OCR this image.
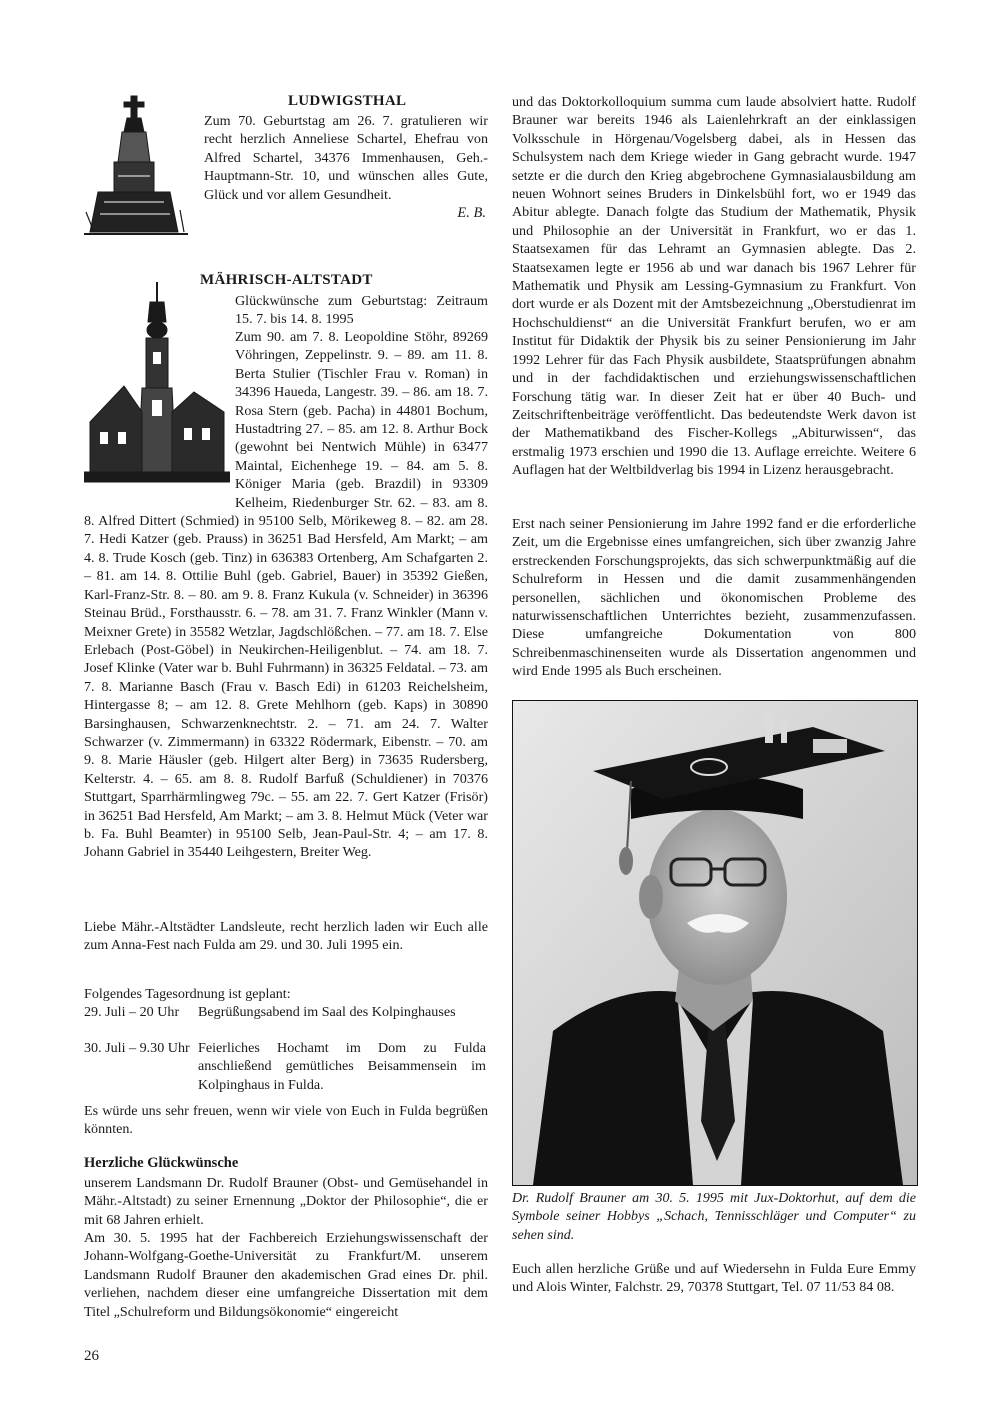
LUDWIGSTHAL

Zum 70. Geburtstag am 26. 7. gratulieren wir recht herzlich Anneliese Schartel, Ehefrau von Alfred Schartel, 34376 Immenhausen, Geh.-Hauptmann-Str. 10, und wünschen alles Gute, Glück und vor allem Gesundheit.

E. B.
MÄHRISCH-ALTSTADT

Glückwünsche zum Geburtstag: Zeitraum 15. 7. bis 14. 8. 1995

Zum 90. am 7. 8. Leopoldine Stöhr, 89269 Vöhringen, Zeppelinstr. 9. – 89. am 11. 8. Berta Stulier (Tischler Frau v. Roman) in 34396 Haueda, Langestr. 39. – 86. am 18. 7. Rosa Stern (geb. Pacha) in 44801 Bochum, Hustadtring 27. – 85. am 12. 8. Arthur Bock (gewohnt bei Nentwich Mühle) in 63477 Maintal, Eichenhege 19. – 84. am 5. 8. Königer Maria (geb. Brazdil) in 93309 Kelheim, Riedenburger Str. 62. – 83. am 8. 8. Alfred Dittert (Schmied) in 95100 Selb, Mörikeweg 8. – 82. am 28. 7. Hedi Katzer (geb. Prauss) in 36251 Bad Hersfeld, Am Markt; – am 4. 8. Trude Kosch (geb. Tinz) in 636383 Ortenberg, Am Schafgarten 2. – 81. am 14. 8. Ottilie Buhl (geb. Gabriel, Bauer) in 35392 Gießen, Karl-Franz-Str. 8. – 80. am 9. 8. Franz Kukula (v. Schneider) in 36396 Steinau Brüd., Forsthausstr. 6. – 78. am 31. 7. Franz Winkler (Mann v. Meixner Grete) in 35582 Wetzlar, Jagdschlößchen. – 77. am 18. 7. Else Erlebach (Post-Göbel) in Neukirchen-Heiligenblut. – 74. am 18. 7. Josef Klinke (Vater war b. Buhl Fuhrmann) in 36325 Feldatal. – 73. am 7. 8. Marianne Basch (Frau v. Basch Edi) in 61203 Reichelsheim, Hintergasse 8; – am 12. 8. Grete Mehlhorn (geb. Kaps) in 30890 Barsinghausen, Schwarzenknechtstr. 2. – 71. am 24. 7. Walter Schwarzer (v. Zimmermann) in 63322 Rödermark, Eibenstr. – 70. am 9. 8. Marie Häusler (geb. Hilgert alter Berg) in 73635 Rudersberg, Kelterstr. 4. – 65. am 8. 8. Rudolf Barfuß (Schuldiener) in 70376 Stuttgart, Sparrhärmlingweg 79c. – 55. am 22. 7. Gert Katzer (Frisör) in 36251 Bad Hersfeld, Am Markt; – am 3. 8. Helmut Mück (Veter war b. Fa. Buhl Beamter) in 95100 Selb, Jean-Paul-Str. 4; – am 17. 8. Johann Gabriel in 35440 Leihgestern, Breiter Weg.

Liebe Mähr.-Altstädter Landsleute, recht herzlich laden wir Euch alle zum Anna-Fest nach Fulda am 29. und 30. Juli 1995 ein.

Folgendes Tagesordnung ist geplant:

29. Juli – 20 Uhr Begrüßungsabend im Saal des Kolpinghauses
30. Juli – 9.30 Uhr Feierliches Hochamt im Dom zu Fulda anschließend gemütliches Beisammensein im Kolpinghaus in Fulda.

Es würde uns sehr freuen, wenn wir viele von Euch in Fulda begrüßen könnten.

Herzliche Glückwünsche

unserem Landsmann Dr. Rudolf Brauner (Obst- und Gemüsehandel in Mähr.-Altstadt) zu seiner Ernennung „Doktor der Philosophie“, die er mit 68 Jahren erhielt.

Am 30. 5. 1995 hat der Fachbereich Erziehungswissenschaft der Johann-Wolfgang-Goethe-Universität zu Frankfurt/M. unserem Landsmann Rudolf Brauner den akademischen Grad eines Dr. phil. verliehen, nachdem dieser eine umfangreiche Dissertation mit dem Titel „Schulreform und Bildungsökonomie“ eingereicht

26

und das Doktorkolloquium summa cum laude absolviert hatte. Rudolf Brauner war bereits 1946 als Laienlehrkraft an der einklassigen Volksschule in Hörgenau/Vogelsberg dabei, als in Hessen das Schulsystem nach dem Kriege wieder in Gang gebracht wurde. 1947 setzte er die durch den Krieg abgebrochene Gymnasialausbildung am neuen Wohnort seines Bruders in Dinkelsbühl fort, wo er 1949 das Abitur ablegte. Danach folgte das Studium der Mathematik, Physik und Philosophie an der Universität in Frankfurt, wo er das 1. Staatsexamen für das Lehramt an Gymnasien ablegte. Das 2. Staatsexamen legte er 1956 ab und war danach bis 1967 Lehrer für Mathematik und Physik am Lessing-Gymnasium zu Frankfurt. Von dort wurde er als Dozent mit der Amtsbezeichnung „Oberstudienrat im Hochschuldienst“ an die Universität Frankfurt berufen, wo er am Institut für Didaktik der Physik bis zu seiner Pensionierung im Jahr 1992 Lehrer für das Fach Physik ausbildete, Staatsprüfungen abnahm und in der fachdidaktischen und erziehungswissenschaftlichen Forschung tätig war. In dieser Zeit hat er über 40 Buch- und Zeitschriftenbeiträge veröffentlicht. Das bedeutendste Werk davon ist der Mathematikband des Fischer-Kollegs „Abiturwissen“, das erstmalig 1973 erschien und 1990 die 13. Auflage erreichte. Weitere 6 Auflagen hat der Weltbildverlag bis 1994 in Lizenz herausgebracht.

Erst nach seiner Pensionierung im Jahre 1992 fand er die erforderliche Zeit, um die Ergebnisse eines umfangreichen, sich über zwanzig Jahre erstreckenden Forschungsprojekts, das sich schwerpunktmäßig auf die Schulreform in Hessen und die damit zusammenhängenden personellen, sächlichen und ökonomischen Probleme des naturwissenschaftlichen Unterrichtes bezieht, zusammenzufassen. Diese umfangreiche Dokumentation von 800 Schreibenmaschinenseiten wurde als Dissertation angenommen und wird Ende 1995 als Buch erscheinen.

Dr. Rudolf Brauner am 30. 5. 1995 mit Jux-Doktorhut, auf dem die Symbole seiner Hobbys „Schach, Tennisschläger und Computer“ zu sehen sind.

Euch allen herzliche Grüße und auf Wiedersehn in Fulda Eure Emmy und Alois Winter, Falchstr. 29, 70378 Stuttgart, Tel. 07 11/53 84 08.
